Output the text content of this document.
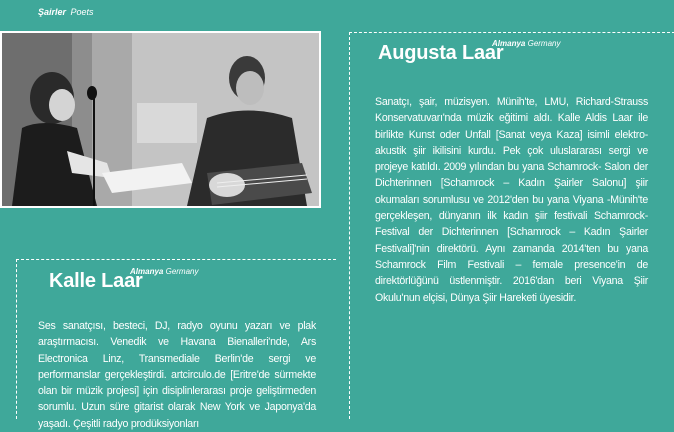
Şairler Poets
Augusta Laar
Almanya Germany

Sanatçı, şair, müzisyen. Münih'te, LMU, Richard-Strauss Konservatuvarı'nda müzik eğitimi aldı. Kalle Aldis Laar ile birlikte Kunst oder Unfall [Sanat veya Kaza] isimli elektro-akustik şiir ikilisini kurdu. Pek çok uluslararası sergi ve projeye katıldı. 2009 yılından bu yana Schamrock- Salon der Dichterinnen [Schamrock – Kadın Şairler Salonu] şiir okumaları sorumlusu ve 2012'den bu yana Viyana -Münih'te gerçekleşen, dünyanın ilk kadın şiir festivali Schamrock-Festival der Dichterinnen [Schamrock – Kadın Şairler Festivali]'nin direktörü. Aynı zamanda 2014'ten bu yana Schamrock Film Festivali – female presence'in de direktörlüğünü üstlenmiştir. 2016'dan beri Viyana Şiir Okulu'nun elçisi, Dünya Şiir Hareketi üyesidir.

Kalle Laar
Almanya Germany

Ses sanatçısı, besteci, DJ, radyo oyunu yazarı ve plak araştırmacısı. Venedik ve Havana Bienalleri'nde, Ars Electronica Linz, Transmediale Berlin'de sergi ve performanslar gerçekleştirdi. artcirculo.de [Eritre'de sürmekte olan bir müzik projesi] için disiplinlerarası proje geliştirmeden sorumlu. Uzun süre gitarist olarak New York ve Japonya'da yaşadı. Çeşitli radyo prodüksiyonları
